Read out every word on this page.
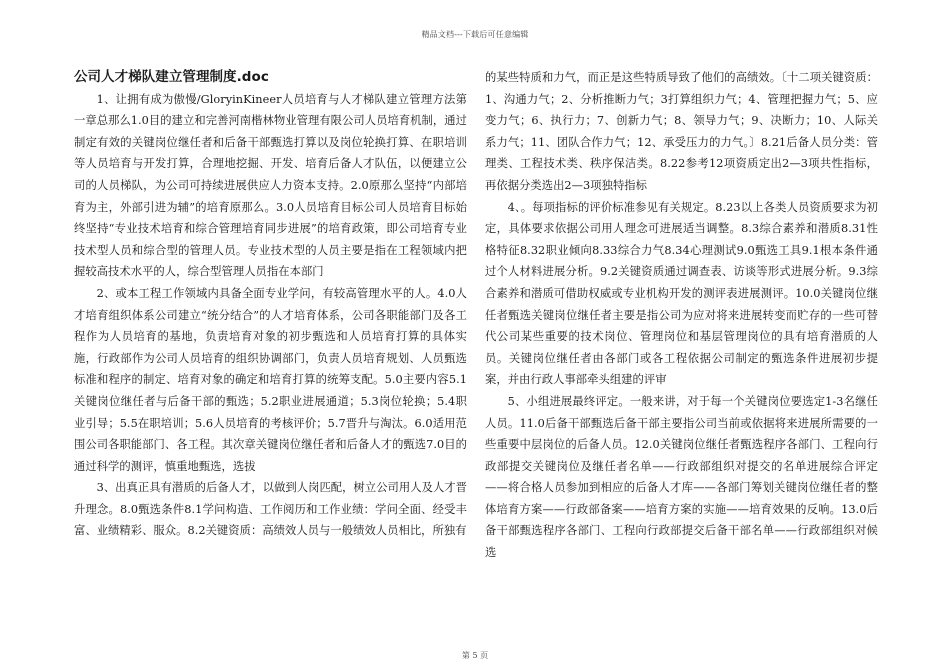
精品文档---下载后可任意编辑
公司人才梯队建立管理制度.doc

1、让拥有成为傲慢/GloryinKineer人员培育与人才梯队建立管理方法第一章总那么1.0目的建立和完善河南楷林物业管理有限公司人员培育机制，通过制定有效的关键岗位继任者和后备干部甄选打算以及岗位轮换打算、在职培训等人员培育与开发打算，合理地挖掘、开发、培育后备人才队伍，以便建立公司的人员梯队，为公司可持续进展供应人力资本支持。2.0原那么坚持“内部培育为主，外部引进为辅”的培育原那么。3.0人员培育目标公司人员培育目标始终坚持“专业技术培育和综合管理培育同步进展”的培育政策，即公司培育专业技术型人员和综合型的管理人员。专业技术型的人员主要是指在工程领域内把握较高技术水平的人，综合型管理人员指在本部门

2、或本工程工作领域内具备全面专业学问，有较高管理水平的人。4.0人才培育组织体系公司建立“统分结合”的人才培育体系，公司各职能部门及各工程作为人员培育的基地，负责培育对象的初步甄选和人员培育打算的具体实施，行政部作为公司人员培育的组织协调部门，负责人员培育规划、人员甄选标准和程序的制定、培育对象的确定和培育打算的统筹支配。5.0主要内容5.1关键岗位继任者与后备干部的甄选；5.2职业进展通道；5.3岗位轮换；5.4职业引导；5.5在职培训；5.6人员培育的考核评价；5.7晋升与淘汰。6.0适用范围公司各职能部门、各工程。其次章关键岗位继任者和后备人才的甄选7.0目的通过科学的测评，慎重地甄选，选拔

3、出真正具有潜质的后备人才，以做到人岗匹配，树立公司用人及人才晋升理念。8.0甄选条件8.1学问构造、工作阅历和工作业绩：学问全面、经受丰富、业绩精彩、服众。8.2关键资质：高绩效人员与一般绩效人员相比，所独有

的某些特质和力气，而正是这些特质导致了他们的高绩效。〔十二项关键资质：1、沟通力气；2、分析推断力气；3打算组织力气；4、管理把握力气；5、应变力气；6、执行力；7、创新力气；8、领导力气；9、决断力；10、人际关系力气；11、团队合作力气；12、承受压力的力气。〕8.21后备人员分类：管理类、工程技术类、秩序保洁类。8.22参考12项资质定出2—3项共性指标，再依据分类选出2—3项独特指标

4、。每项指标的评价标准参见有关规定。8.23以上各类人员资质要求为初定，具体要求依据公司用人理念可进展适当调整。8.3综合素养和潜质8.31性格特征8.32职业倾向8.33综合力气8.34心理测试9.0甄选工具9.1根本条件通过个人材料进展分析。9.2关键资质通过调查表、访谈等形式进展分析。9.3综合素养和潜质可借助权威或专业机构开发的测评表进展测评。10.0关键岗位继任者甄选关键岗位继任者主要是指公司为应对将来进展转变而贮存的一些可替代公司某些重要的技术岗位、管理岗位和基层管理岗位的具有培育潜质的人员。关键岗位继任者由各部门或各工程依据公司制定的甄选条件进展初步提案，并由行政人事部牵头组建的评审

5、小组进展最终评定。一般来讲，对于每一个关键岗位要选定1-3名继任人员。11.0后备干部甄选后备干部主要指公司当前或依据将来进展所需要的一些重要中层岗位的后备人员。12.0关键岗位继任者甄选程序各部门、工程向行政部提交关键岗位及继任者名单——行政部组织对提交的名单进展综合评定——将合格人员参加到相应的后备人才库——各部门筹划关键岗位继任者的整体培育方案——行政部备案——培育方案的实施——培育效果的反响。13.0后备干部甄选程序各部门、工程向行政部提交后备干部名单——行政部组织对候选

第 5 页
